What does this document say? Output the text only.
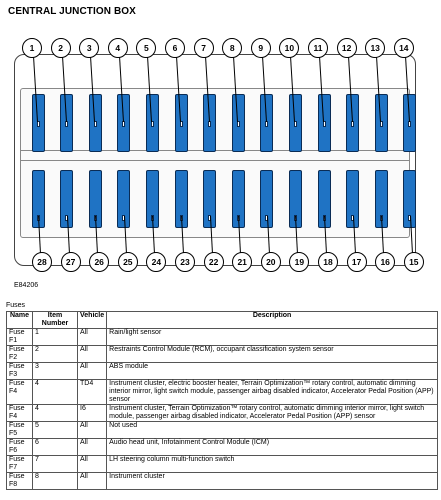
CENTRAL JUNCTION BOX
1	2	3	4	5	6	7	8	9	10	11	12	13	14
28	27	26	25	24	23	22	21	20	19	18	17	16	15
E84206
Fuses
Name	Item Number	Vehicle	Description
Fuse F1	1	All	Rain/light sensor
Fuse F2	2	All	Restraints Control Module (RCM), occupant classification system sensor
Fuse F3	3	All	ABS module
Fuse F4	4	TD4	Instrument cluster, electric booster heater, Terrain Optimization™ rotary control, automatic dimming interior mirror, light switch module, passenger airbag disabled indicator, Accelerator Pedal Position (APP) sensor
Fuse F4	4	I6	Instrument cluster, Terrain Optimization™ rotary control, automatic dimming interior mirror, light switch module, passenger airbag disabled indicator, Accelerator Pedal Position (APP) sensor
Fuse F5	5	All	Not used
Fuse F6	6	All	Audio head unit, Infotainment Control Module (ICM)
Fuse F7	7	All	LH steering column multi-function switch
Fuse F8	8	All	Instrument cluster
